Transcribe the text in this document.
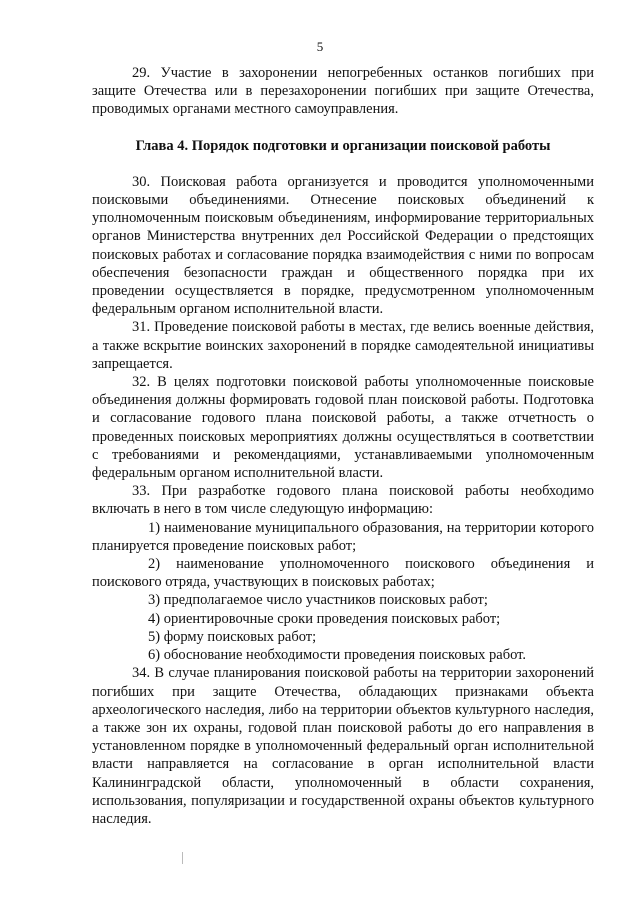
5

29. Участие в захоронении непогребенных останков погибших при защите Отечества или в перезахоронении погибших при защите Отечества, проводимых органами местного самоуправления.

Глава 4. Порядок подготовки и организации поисковой работы

30. Поисковая работа организуется и проводится уполномоченными поисковыми объединениями. Отнесение поисковых объединений к уполномоченным поисковым объединениям, информирование территориальных органов Министерства внутренних дел Российской Федерации о предстоящих поисковых работах и согласование порядка взаимодействия с ними по вопросам обеспечения безопасности граждан и общественного порядка при их проведении осуществляется в порядке, предусмотренном уполномоченным федеральным органом исполнительной власти.

31. Проведение поисковой работы в местах, где велись военные действия, а также вскрытие воинских захоронений в порядке самодеятельной инициативы запрещается.

32. В целях подготовки поисковой работы уполномоченные поисковые объединения должны формировать годовой план поисковой работы. Подготовка и согласование годового плана поисковой работы, а также отчетность о проведенных поисковых мероприятиях должны осуществляться в соответствии с требованиями и рекомендациями, устанавливаемыми уполномоченным федеральным органом исполнительной власти.

33. При разработке годового плана поисковой работы необходимо включать в него в том числе следующую информацию:

1) наименование муниципального образования, на территории которого планируется проведение поисковых работ;

2) наименование уполномоченного поискового объединения и поискового отряда, участвующих в поисковых работах;

3) предполагаемое число участников поисковых работ;

4) ориентировочные сроки проведения поисковых работ;

5) форму поисковых работ;

6) обоснование необходимости проведения поисковых работ.

34. В случае планирования поисковой работы на территории захоронений погибших при защите Отечества, обладающих признаками объекта археологического наследия, либо на территории объектов культурного наследия, а также зон их охраны, годовой план поисковой работы до его направления в установленном порядке в уполномоченный федеральный орган исполнительной власти направляется на согласование в орган исполнительной власти Калининградской области, уполномоченный в области сохранения, использования, популяризации и государственной охраны объектов культурного наследия.
